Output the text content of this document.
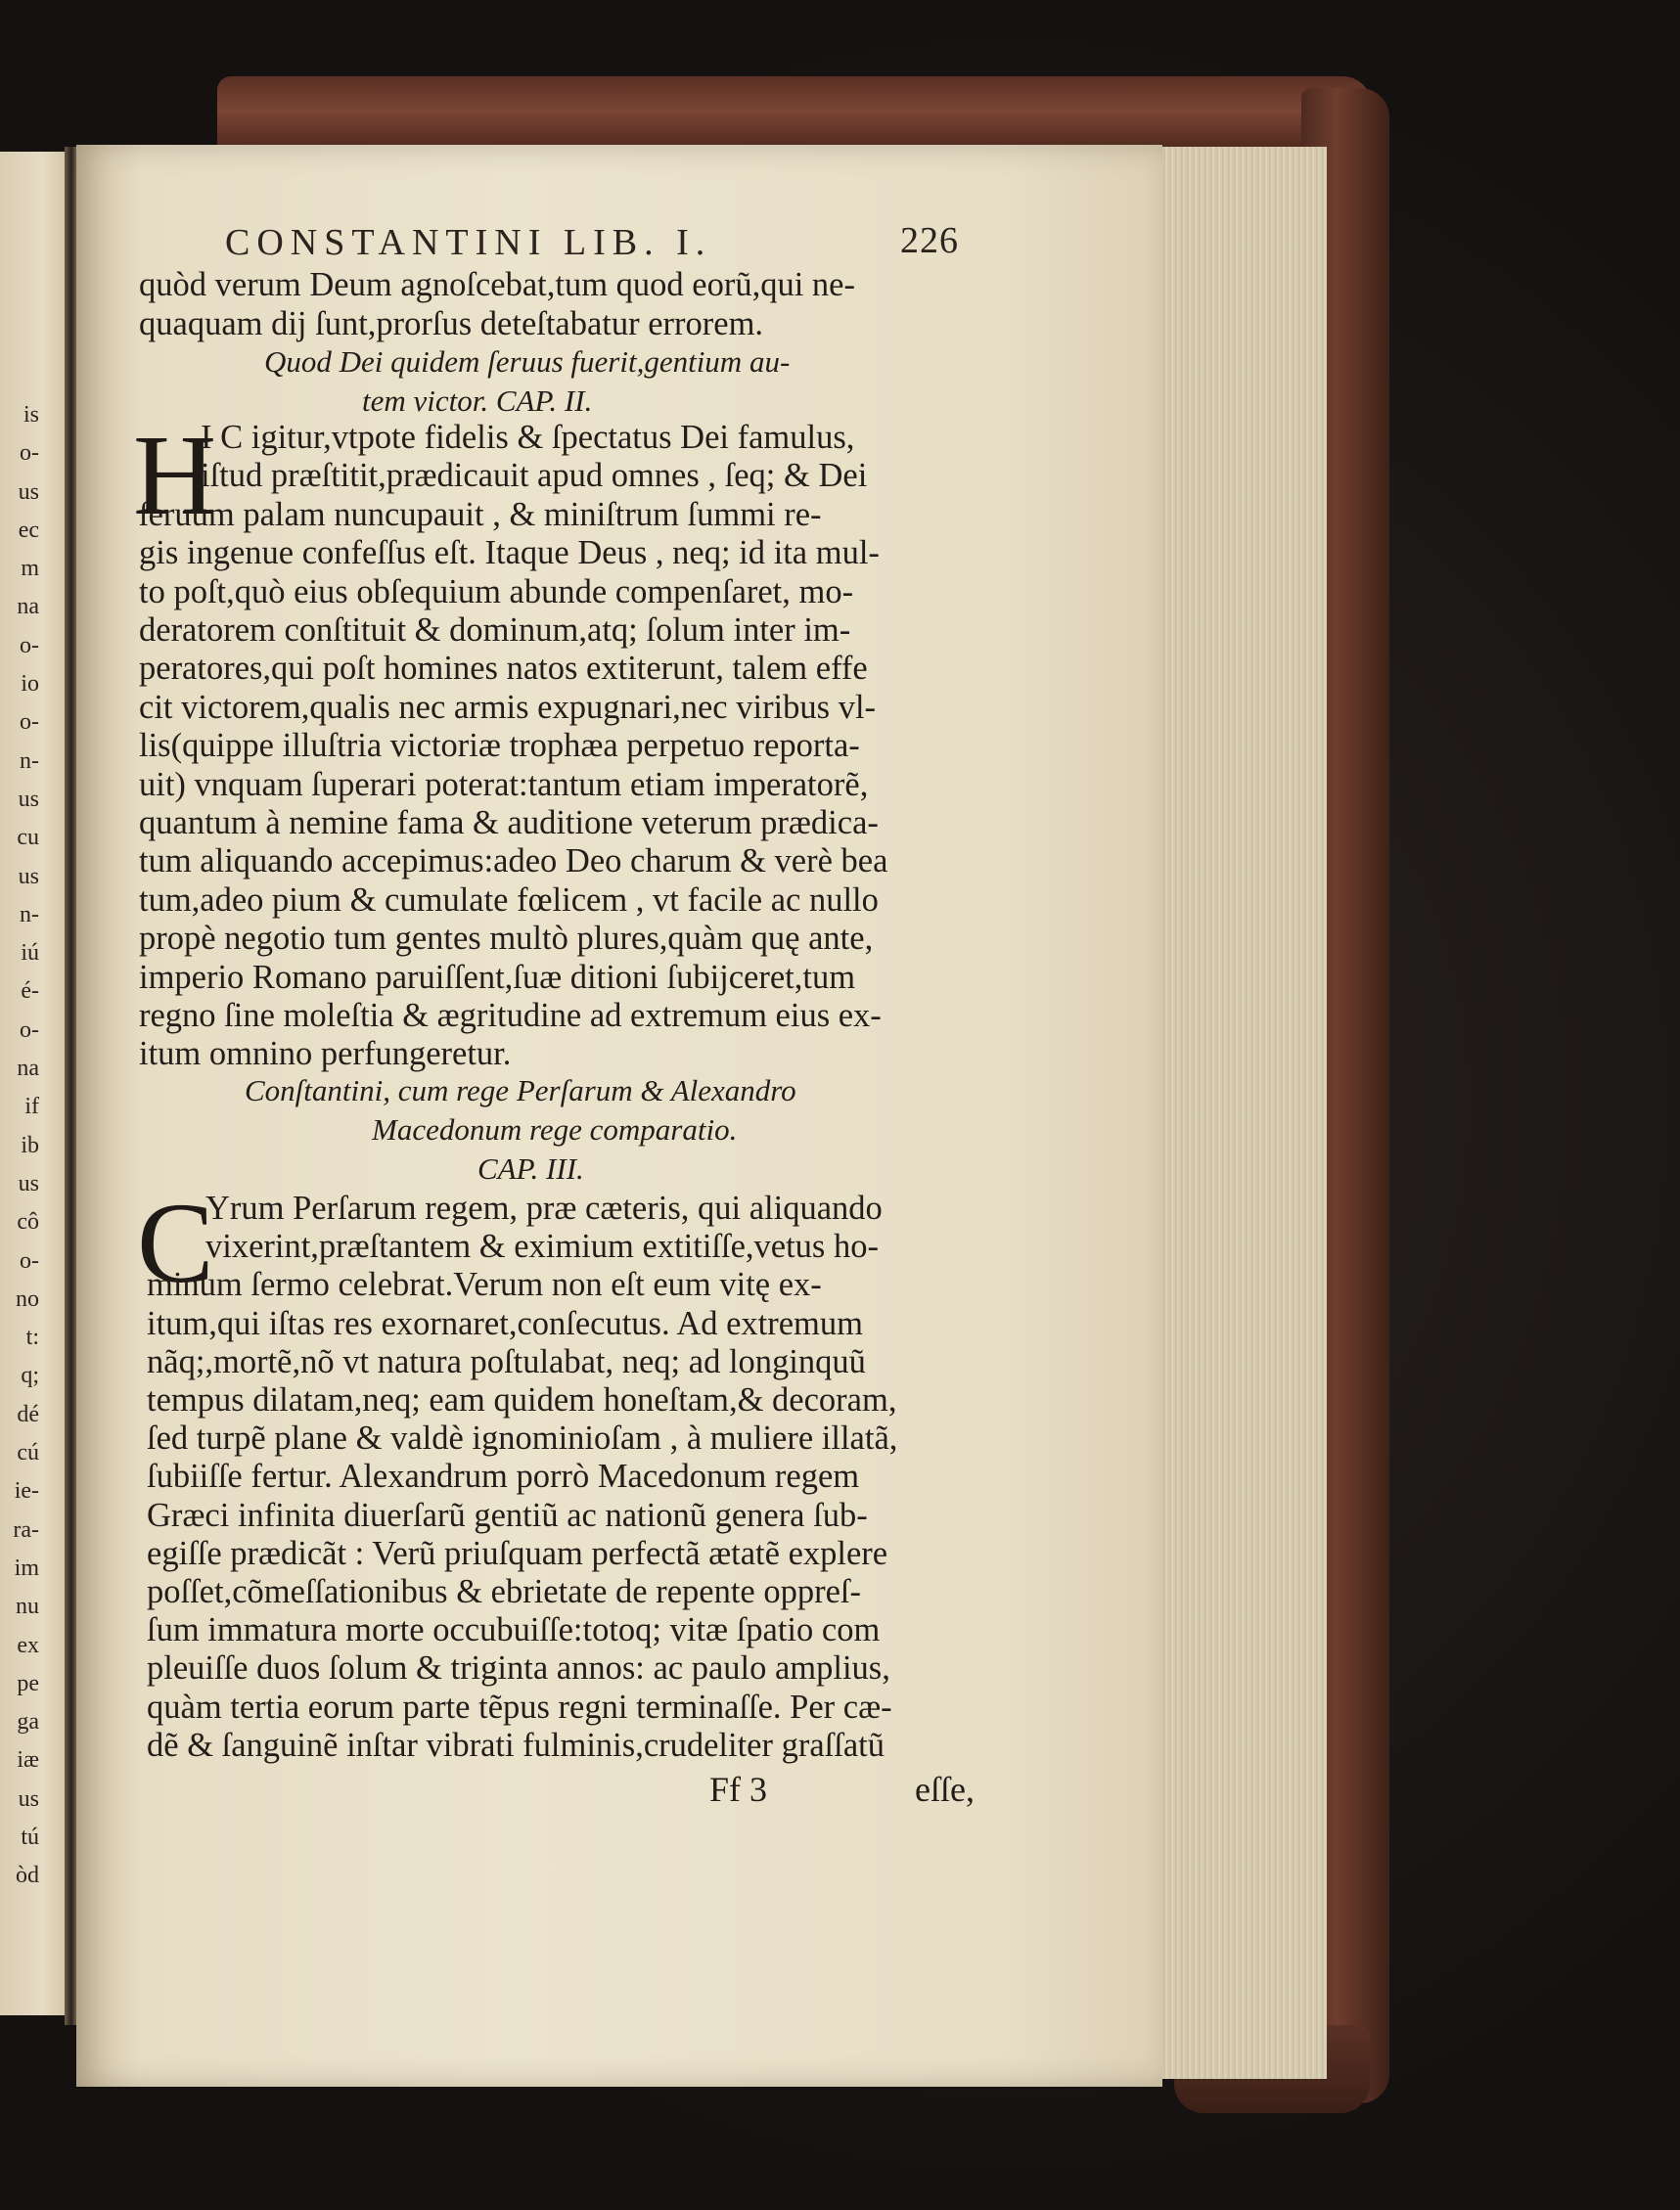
is
o-
us
ec
m
na
o-
io
o-
n-
us
cu
us
n-
iú
é-
o-
na
if
ib
us
cô
o-
no
t:
q;
dé
cú
ie-
ra-
im
nu
ex
pe
ga
iæ
us
tú
òd
CONSTANTINI LIB. I.	226
quòd verum Deum agnoſcebat,tum quod eorũ,qui ne-
quaquam dij ſunt,prorſus deteſtabatur errorem.
Quod Dei quidem ſeruus fuerit,gentium au-
tem victor. CAP. II.
H
I C igitur,vtpote fidelis & ſpectatus Dei famulus,
iſtud præſtitit,prædicauit apud omnes , ſeq; & Dei
ſeruum palam nuncupauit , & miniſtrum ſummi re-
gis ingenue confeſſus eſt. Itaque Deus , neq; id ita mul-
to poſt,quò eius obſequium abunde compenſaret, mo-
deratorem conſtituit & dominum,atq; ſolum inter im-
peratores,qui poſt homines natos extiterunt, talem effe
cit victorem,qualis nec armis expugnari,nec viribus vl-
lis(quippe illuſtria victoriæ trophæa perpetuo reporta-
uit) vnquam ſuperari poterat:tantum etiam imperatorẽ,
quantum à nemine fama & auditione veterum prædica-
tum aliquando accepimus:adeo Deo charum & verè bea
tum,adeo pium & cumulate fœlicem , vt facile ac nullo
propè negotio tum gentes multò plures,quàm quę ante,
imperio Romano paruiſſent,ſuæ ditioni ſubijceret,tum
regno ſine moleſtia & ægritudine ad extremum eius ex-
itum omnino perfungeretur.
Conſtantini, cum rege Perſarum & Alexandro
Macedonum rege comparatio.
CAP. III.
C
Yrum Perſarum regem, præ cæteris, qui aliquando
vixerint,præſtantem & eximium extitiſſe,vetus ho-
minum ſermo celebrat.Verum non eſt eum vitę ex-
itum,qui iſtas res exornaret,conſecutus. Ad extremum
nãq;,mortẽ,nõ vt natura poſtulabat, neq; ad longinquũ
tempus dilatam,neq; eam quidem honeſtam,& decoram,
ſed turpẽ plane & valdè ignominioſam , à muliere illatã,
ſubiiſſe fertur. Alexandrum porrò Macedonum regem
Græci infinita diuerſarũ gentiũ ac nationũ genera ſub-
egiſſe prædicãt : Verũ priuſquam perfectã ætatẽ explere
poſſet,cõmeſſationibus & ebrietate de repente oppreſ-
ſum immatura morte occubuiſſe:totoq; vitæ ſpatio com
pleuiſſe duos ſolum & triginta annos: ac paulo amplius,
quàm tertia eorum parte tẽpus regni terminaſſe. Per cæ-
dẽ & ſanguinẽ inſtar vibrati fulminis,crudeliter graſſatũ
Ff 3	eſſe,
